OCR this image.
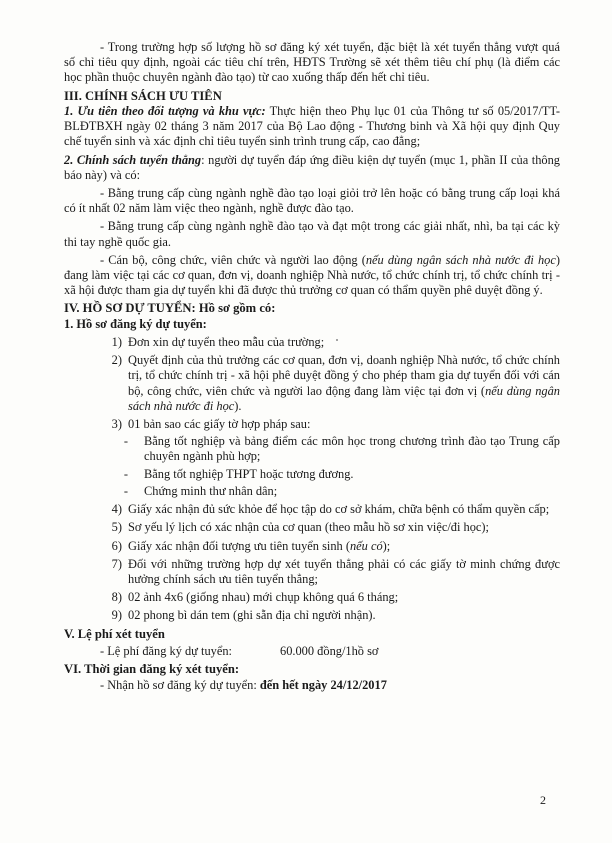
- Trong trường hợp số lượng hồ sơ đăng ký xét tuyển, đặc biệt là xét tuyển thẳng vượt quá số chỉ tiêu quy định, ngoài các tiêu chí trên, HĐTS Trường sẽ xét thêm tiêu chí phụ (là điểm các học phần thuộc chuyên ngành đào tạo) từ cao xuống thấp đến hết chỉ tiêu.

III. CHÍNH SÁCH ƯU TIÊN

1. Ưu tiên theo đối tượng và khu vực: Thực hiện theo Phụ lục 01 của Thông tư số 05/2017/TT-BLĐTBXH ngày 02 tháng 3 năm 2017 của Bộ Lao động - Thương binh và Xã hội quy định Quy chế tuyển sinh và xác định chỉ tiêu tuyển sinh trình trung cấp, cao đẳng;

2. Chính sách tuyển thẳng: người dự tuyển đáp ứng điều kiện dự tuyển (mục 1, phần II của thông báo này) và có:

- Bằng trung cấp cùng ngành nghề đào tạo loại giỏi trở lên hoặc có bằng trung cấp loại khá có ít nhất 02 năm làm việc theo ngành, nghề được đào tạo.

- Bằng trung cấp cùng ngành nghề đào tạo và đạt một trong các giải nhất, nhì, ba tại các kỳ thi tay nghề quốc gia.

- Cán bộ, công chức, viên chức và người lao động (nếu dùng ngân sách nhà nước đi học) đang làm việc tại các cơ quan, đơn vị, doanh nghiệp Nhà nước, tổ chức chính trị, tổ chức chính trị - xã hội được tham gia dự tuyển khi đã được thủ trưởng cơ quan có thẩm quyền phê duyệt đồng ý.

IV. HỒ SƠ DỰ TUYỂN: Hồ sơ gồm có:

1. Hồ sơ đăng ký dự tuyển:

1) Đơn xin dự tuyển theo mẫu của trường;
2) Quyết định của thủ trưởng các cơ quan, đơn vị, doanh nghiệp Nhà nước, tổ chức chính trị, tổ chức chính trị - xã hội phê duyệt đồng ý cho phép tham gia dự tuyển đối với cán bộ, công chức, viên chức và người lao động đang làm việc tại đơn vị (nếu dùng ngân sách nhà nước đi học).
3) 01 bản sao các giấy tờ hợp pháp sau:
-	Bằng tốt nghiệp và bảng điểm các môn học trong chương trình đào tạo Trung cấp chuyên ngành phù hợp;
-	Bằng tốt nghiệp THPT hoặc tương đương.
-	Chứng minh thư nhân dân;
4) Giấy xác nhận đủ sức khỏe để học tập do cơ sở khám, chữa bệnh có thẩm quyền cấp;
5) Sơ yếu lý lịch có xác nhận của cơ quan (theo mẫu hồ sơ xin việc/đi học);
6) Giấy xác nhận đối tượng ưu tiên tuyển sinh (nếu có);
7) Đối với những trường hợp dự xét tuyển thẳng phải có các giấy tờ minh chứng được hưởng chính sách ưu tiên tuyển thẳng;
8) 02 ảnh 4x6 (giống nhau) mới chụp không quá 6 tháng;
9) 02 phong bì dán tem (ghi sẵn địa chỉ người nhận).
V. Lệ phí xét tuyển
- Lệ phí đăng ký dự tuyển:	60.000 đồng/1hồ sơ
VI. Thời gian đăng ký xét tuyển:

- Nhận hồ sơ đăng ký dự tuyển: đến hết ngày 24/12/2017

2
